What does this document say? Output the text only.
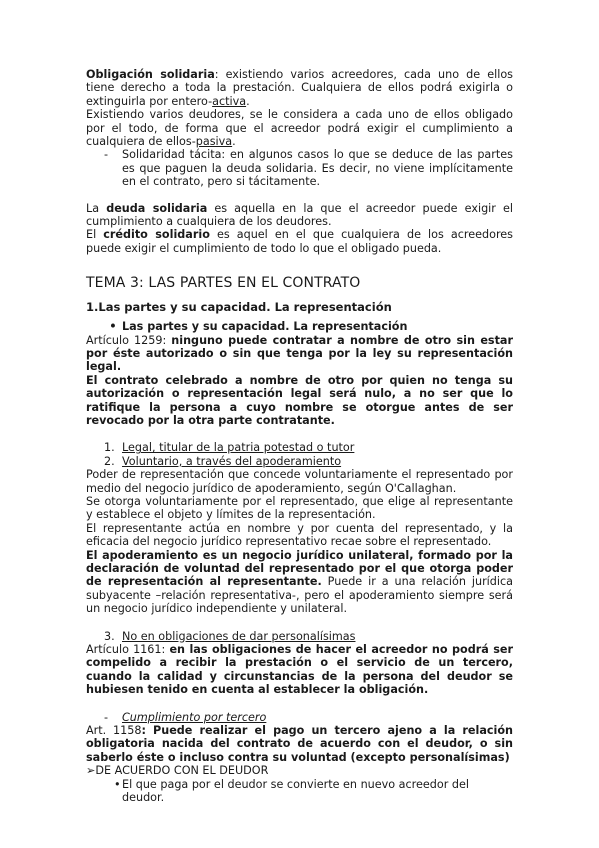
Obligación solidaria: existiendo varios acreedores, cada uno de ellos tiene derecho a toda la prestación. Cualquiera de ellos podrá exigirla o extinguirla por entero-activa.

Existiendo varios deudores, se le considera a cada uno de ellos obligado por el todo, de forma que el acreedor podrá exigir el cumplimiento a cualquiera de ellos-pasiva.

-	Solidaridad tácita: en algunos casos lo que se deduce de las partes es que paguen la deuda solidaria. Es decir, no viene implícitamente en el contrato, pero si tácitamente.

La deuda solidaria es aquella en la que el acreedor puede exigir el cumplimiento a cualquiera de los deudores.

El crédito solidario es aquel en el que cualquiera de los acreedores puede exigir el cumplimiento de todo lo que el obligado pueda.

TEMA 3: LAS PARTES EN EL CONTRATO

1.Las partes y su capacidad. La representación

• Las partes y su capacidad. La representación

Artículo 1259: ninguno puede contratar a nombre de otro sin estar por éste autorizado o sin que tenga por la ley su representación legal.

El contrato celebrado a nombre de otro por quien no tenga su autorización o representación legal será nulo, a no ser que lo ratifique la persona a cuyo nombre se otorgue antes de ser revocado por la otra parte contratante.

1. Legal, titular de la patria potestad o tutor
2. Voluntario, a través del apoderamiento

Poder de representación que concede voluntariamente el representado por medio del negocio jurídico de apoderamiento, según O'Callaghan.

Se otorga voluntariamente por el representado, que elige al representante y establece el objeto y límites de la representación.

El representante actúa en nombre y por cuenta del representado, y la eficacia del negocio jurídico representativo recae sobre el representado.

El apoderamiento es un negocio jurídico unilateral, formado por la declaración de voluntad del representado por el que otorga poder de representación al representante. Puede ir a una relación jurídica subyacente –relación representativa-, pero el apoderamiento siempre será un negocio jurídico independiente y unilateral.

3. No en obligaciones de dar personalísimas

Artículo 1161: en las obligaciones de hacer el acreedor no podrá ser compelido a recibir la prestación o el servicio de un tercero, cuando la calidad y circunstancias de la persona del deudor se hubiesen tenido en cuenta al establecer la obligación.

-	Cumplimiento por tercero

Art. 1158: Puede realizar el pago un tercero ajeno a la relación obligatoria nacida del contrato de acuerdo con el deudor, o sin saberlo éste o incluso contra su voluntad (excepto personalísimas)

➢ DE ACUERDO CON EL DEUDOR
• El que paga por el deudor se convierte en nuevo acreedor del deudor.
